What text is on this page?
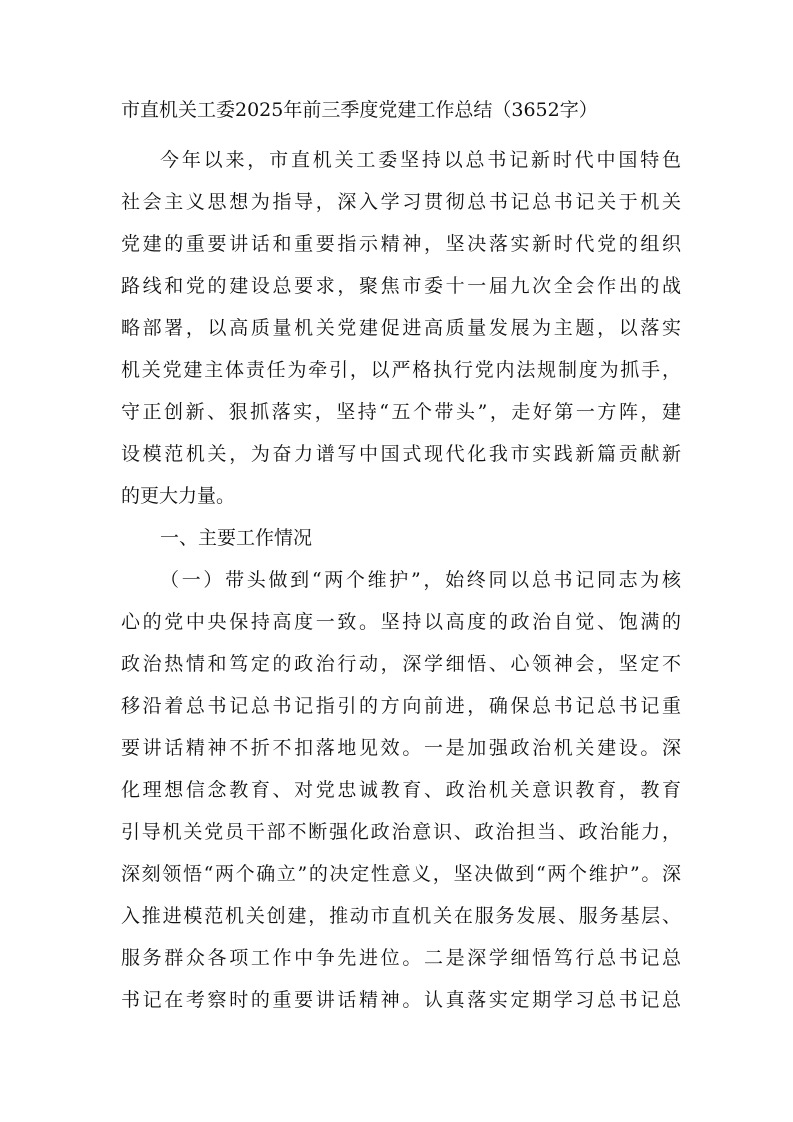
市直机关工委2025年前三季度党建工作总结（3652字）
今年以来，市直机关工委坚持以总书记新时代中国特色
社会主义思想为指导，深入学习贯彻总书记总书记关于机关
党建的重要讲话和重要指示精神，坚决落实新时代党的组织
路线和党的建设总要求，聚焦市委十一届九次全会作出的战
略部署，以高质量机关党建促进高质量发展为主题，以落实
机关党建主体责任为牵引，以严格执行党内法规制度为抓手，
守正创新、狠抓落实，坚持“五个带头”，走好第一方阵，建
设模范机关，为奋力谱写中国式现代化我市实践新篇贡献新
的更大力量。
一、主要工作情况
（一）带头做到“两个维护”，始终同以总书记同志为核
心的党中央保持高度一致。坚持以高度的政治自觉、饱满的
政治热情和笃定的政治行动，深学细悟、心领神会，坚定不
移沿着总书记总书记指引的方向前进，确保总书记总书记重
要讲话精神不折不扣落地见效。一是加强政治机关建设。深
化理想信念教育、对党忠诚教育、政治机关意识教育，教育
引导机关党员干部不断强化政治意识、政治担当、政治能力，
深刻领悟“两个确立”的决定性意义，坚决做到“两个维护”。深
入推进模范机关创建，推动市直机关在服务发展、服务基层、
服务群众各项工作中争先进位。二是深学细悟笃行总书记总
书记在考察时的重要讲话精神。认真落实定期学习总书记总
